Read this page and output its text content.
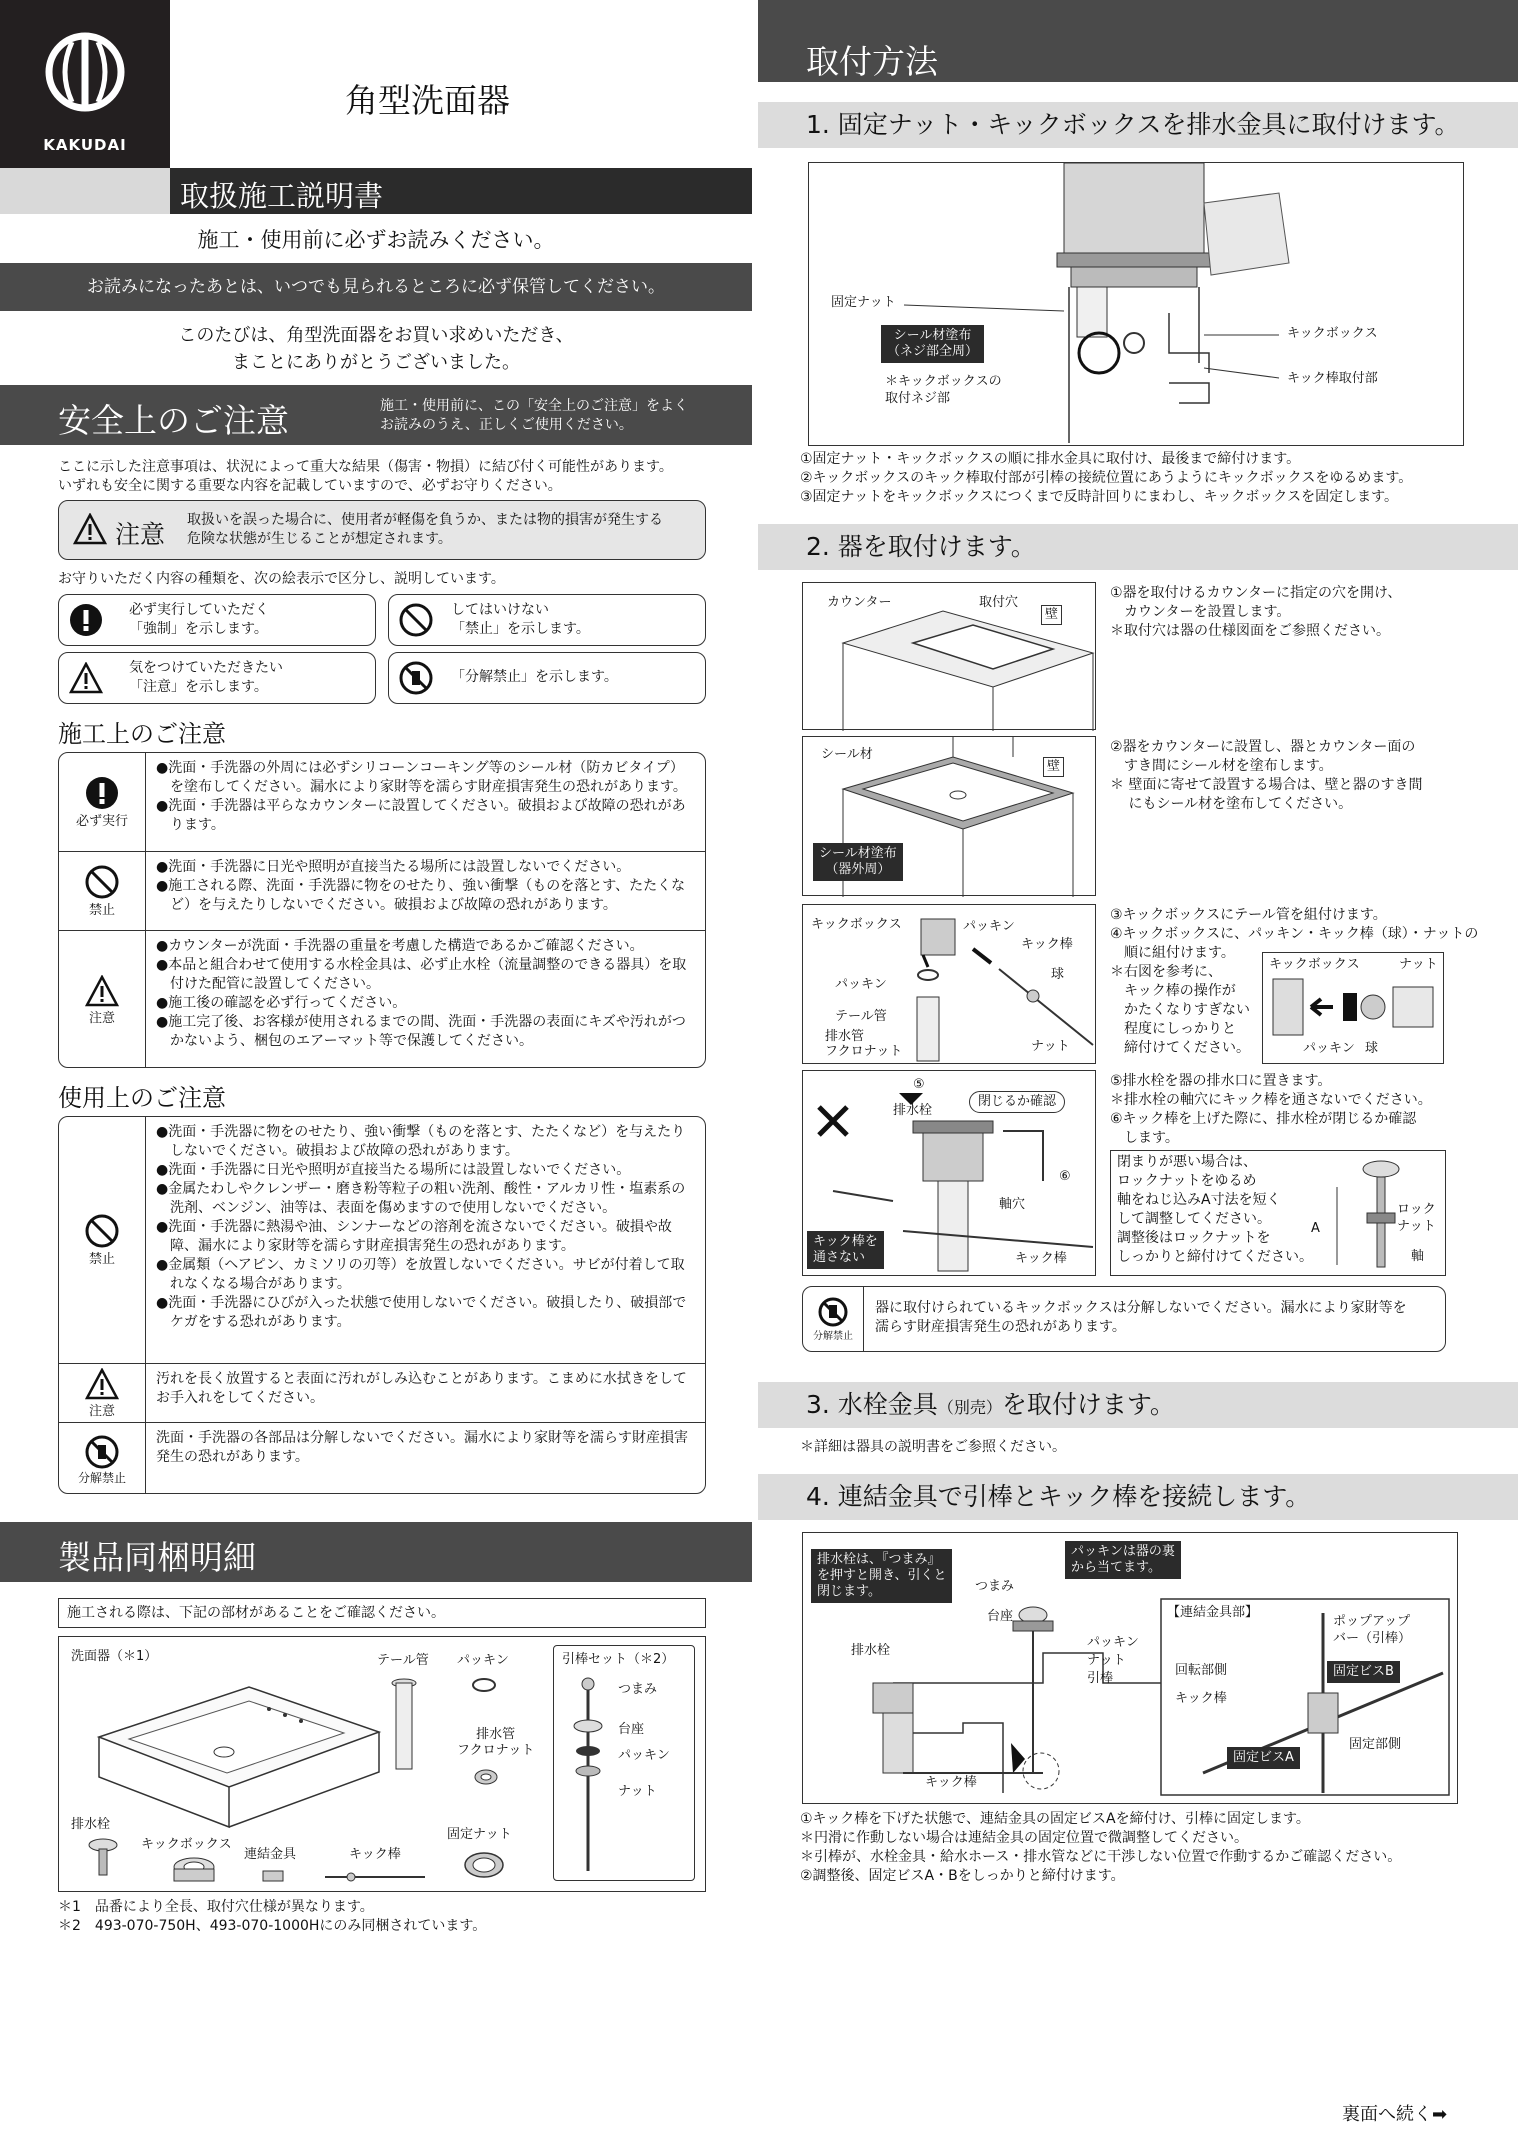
KAKUDAI
角型洗面器
取扱施工説明書
施工・使用前に必ずお読みください。
お読みになったあとは、いつでも見られるところに必ず保管してください。
このたびは、角型洗面器をお買い求めいただき、
まことにありがとうございました。
安全上のご注意	施工・使用前に、この「安全上のご注意」をよく
お読みのうえ、正しくご使用ください。
ここに示した注意事項は、状況によって重大な結果（傷害・物損）に結び付く可能性があります。
いずれも安全に関する重要な内容を記載していますので、必ずお守りください。
注意 取扱いを誤った場合に、使用者が軽傷を負うか、または物的損害が発生する
危険な状態が生じることが想定されます。
お守りいただく内容の種類を、次の絵表示で区分し、説明しています。
必ず実行していただく
「強制」を示します。
してはいけない
「禁止」を示します。
気をつけていただきたい
「注意」を示します。
「分解禁止」を示します。
施工上のご注意
必ず実行
●洗面・手洗器の外周には必ずシリコーンコーキング等のシール材（防カビタイプ）を塗布してください。漏水により家財等を濡らす財産損害発生の恐れがあります。
●洗面・手洗器は平らなカウンターに設置してください。破損および故障の恐れがあります。
禁止
●洗面・手洗器に日光や照明が直接当たる場所には設置しないでください。
●施工される際、洗面・手洗器に物をのせたり、強い衝撃（ものを落とす、たたくなど）を与えたりしないでください。破損および故障の恐れがあります。
注意
●カウンターが洗面・手洗器の重量を考慮した構造であるかご確認ください。
●本品と組合わせて使用する水栓金具は、必ず止水栓（流量調整のできる器具）を取付けた配管に設置してください。
●施工後の確認を必ず行ってください。
●施工完了後、お客様が使用されるまでの間、洗面・手洗器の表面にキズや汚れがつかないよう、梱包のエアーマット等で保護してください。
使用上のご注意
禁止
●洗面・手洗器に物をのせたり、強い衝撃（ものを落とす、たたくなど）を与えたりしないでください。破損および故障の恐れがあります。
●洗面・手洗器に日光や照明が直接当たる場所には設置しないでください。
●金属たわしやクレンザー・磨き粉等粒子の粗い洗剤、酸性・アルカリ性・塩素系の洗剤、ベンジン、油等は、表面を傷めますので使用しないでください。
●洗面・手洗器に熱湯や油、シンナーなどの溶剤を流さないでください。破損や故障、漏水により家財等を濡らす財産損害発生の恐れがあります。
●金属類（ヘアピン、カミソリの刃等）を放置しないでください。サビが付着して取れなくなる場合があります。
●洗面・手洗器にひびが入った状態で使用しないでください。破損したり、破損部でケガをする恐れがあります。
注意
汚れを長く放置すると表面に汚れがしみ込むことがあります。こまめに水拭きをしてお手入れをしてください。
分解禁止
洗面・手洗器の各部品は分解しないでください。漏水により家財等を濡らす財産損害発生の恐れがあります。
製品同梱明細
施工される際は、下記の部材があることをご確認ください。
洗面器（＊1）
排水栓
キックボックス
連結金具	キック棒
テール管 パッキン
排水管
フクロナット
固定ナット
引棒セット（＊2）
つまみ
台座
パッキン
ナット
＊1　品番により全長、取付穴仕様が異なります。
＊2　493-070-750H、493-070-1000Hにのみ同梱されています。
取付方法
1. 固定ナット・キックボックスを排水金具に取付けます。
固定ナット
シール材塗布
（ネジ部全周）
＊キックボックスの
取付ネジ部
キックボックス
キック棒取付部
①固定ナット・キックボックスの順に排水金具に取付け、最後まで締付けます。
②キックボックスのキック棒取付部が引棒の接続位置にあうようにキックボックスをゆるめます。
③固定ナットをキックボックスにつくまで反時計回りにまわし、キックボックスを固定します。
2. 器を取付けます。
カウンター	取付穴
壁
①器を取付けるカウンターに指定の穴を開け、
　カウンターを設置します。
＊取付穴は器の仕様図面をご参照ください。
シール材
壁
シール材塗布
（器外周）
②器をカウンターに設置し、器とカウンター面の
　すき間にシール材を塗布します。
＊ 壁面に寄せて設置する場合は、壁と器のすき間
　 にもシール材を塗布してください。
キックボックス	パッキン
キック棒
球
パッキン
テール管
排水管
フクロナット	ナット
③キックボックスにテール管を組付けます。
④キックボックスに、パッキン・キック棒（球）・ナットの
　順に組付けます。
＊右図を参考に、
　キック棒の操作が
　かたくなりすぎない
　程度にしっかりと
　締付けてください。
キックボックス	ナット
パッキン 球
⑤
排水栓
閉じるか確認
⑥
軸穴
キック棒
キック棒を
通さない
⑤排水栓を器の排水口に置きます。
＊排水栓の軸穴にキック棒を通さないでください。
⑥キック棒を上げた際に、排水栓が閉じるか確認
　します。
閉まりが悪い場合は、
ロックナットをゆるめ
軸をねじ込みA寸法を短く
して調整してください。
調整後はロックナットを
しっかりと締付けてください。
A
ロック
ナット
軸
分解禁止
器に取付けられているキックボックスは分解しないでください。漏水により家財等を
濡らす財産損害発生の恐れがあります。
3. 水栓金具（別売）を取付けます。
＊詳細は器具の説明書をご参照ください。
4. 連結金具で引棒とキック棒を接続します。
排水栓は、『つまみ』
を押すと開き、引くと
閉じます。
パッキンは器の裏
から当てます。
つまみ
台座
排水栓
パッキン
ナット
引棒
キック棒
【連結金具部】
ポップアップ
バー（引棒）
回転部側
キック棒
固定ビスB
固定ビスA
固定部側
①キック棒を下げた状態で、連結金具の固定ビスAを締付け、引棒に固定します。
＊円滑に作動しない場合は連結金具の固定位置で微調整してください。
＊引棒が、水栓金具・給水ホース・排水管などに干渉しない位置で作動するかご確認ください。
②調整後、固定ビスA・Bをしっかりと締付けます。
裏面へ続く➡
